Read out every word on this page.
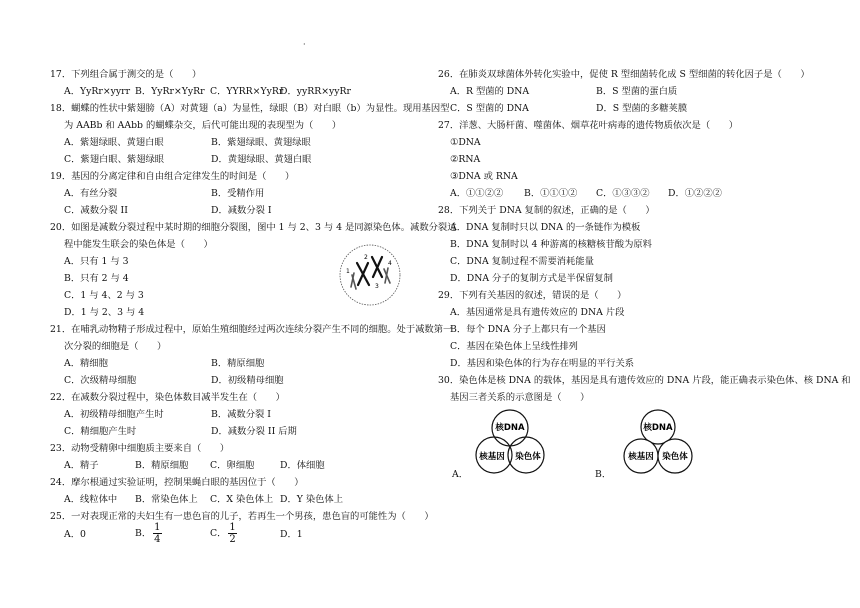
·
17．下列组合属于测交的是（　　）
A．YyRr×yyrr B．YyRr×YyRr C．YYRR×YyRr
D．yyRR×yyRr
18．蝴蝶的性状中紫翅膀（A）对黄翅（a）为显性，绿眼（B）对白眼（b）为显性。现用基因型
为 AABb 和 AAbb 的蝴蝶杂交，后代可能出现的表现型为（　　）
A．紫翅绿眼、黄翅白眼	B．紫翅绿眼、黄翅绿眼
C．紫翅白眼、紫翅绿眼	D．黄翅绿眼、黄翅白眼
19．基因的分离定律和自由组合定律发生的时间是（　　）
A．有丝分裂	B．受精作用
C．减数分裂 II	D．减数分裂 I
20．如图是减数分裂过程中某时期的细胞分裂图，图中 1 与 2、3 与 4 是同源染色体。减数分裂过
程中能发生联会的染色体是（　　）
A．只有 1 与 3
B．只有 2 与 4
C．1 与 4、2 与 3
D．1 与 2、3 与 4
1
2
3
4
21．在哺乳动物精子形成过程中，原始生殖细胞经过两次连续分裂产生不同的细胞。处于减数第一
次分裂的细胞是（　　）
A．精细胞	B．精原细胞
C．次级精母细胞	D．初级精母细胞
22．在减数分裂过程中，染色体数目减半发生在（　　）
A．初级精母细胞产生时	B．减数分裂 I
C．精细胞产生时	D．减数分裂 II 后期
23．动物受精卵中细胞质主要来自（　　）
A．精子	B．精原细胞 C．卵细胞	D．体细胞
24．摩尔根通过实验证明，控制果蝇白眼的基因位于（　　）
A．线粒体中 B．常染色体上 C．X 染色体上 D．Y 染色体上
25．一对表现正常的夫妇生有一患色盲的儿子，若再生一个男孩，患色盲的可能性为（　　）
A．0	B． $\frac{1}{4}$	C． $\frac{1}{2}$	D．1
26．在肺炎双球菌体外转化实验中，促使 R 型细菌转化成 S 型细菌的转化因子是（　　）
A．R 型菌的 DNA	B．S 型菌的蛋白质
C．S 型菌的 DNA	D．S 型菌的多糖荚膜
27．洋葱、大肠杆菌、噬菌体、烟草花叶病毒的遗传物质依次是（　　）
①DNA
②RNA
③DNA 或 RNA
A．①①②② B．①①①② C．①③③② D．①②②②
28．下列关于 DNA 复制的叙述，正确的是（　　）
A．DNA 复制时只以 DNA 的一条链作为模板
B．DNA 复制时以 4 种游离的核糖核苷酸为原料
C．DNA 复制过程不需要消耗能量
D．DNA 分子的复制方式是半保留复制
29．下列有关基因的叙述，错误的是（　　）
A．基因通常是具有遗传效应的 DNA 片段
B．每个 DNA 分子上都只有一个基因
C．基因在染色体上呈线性排列
D．基因和染色体的行为存在明显的平行关系
30．染色体是核 DNA 的载体，基因是具有遗传效应的 DNA 片段，能正确表示染色体、核 DNA 和
基因三者关系的示意图是（　　）
A．
核DNA
核基因 染色体
B．
核DNA
核基因 染色体
